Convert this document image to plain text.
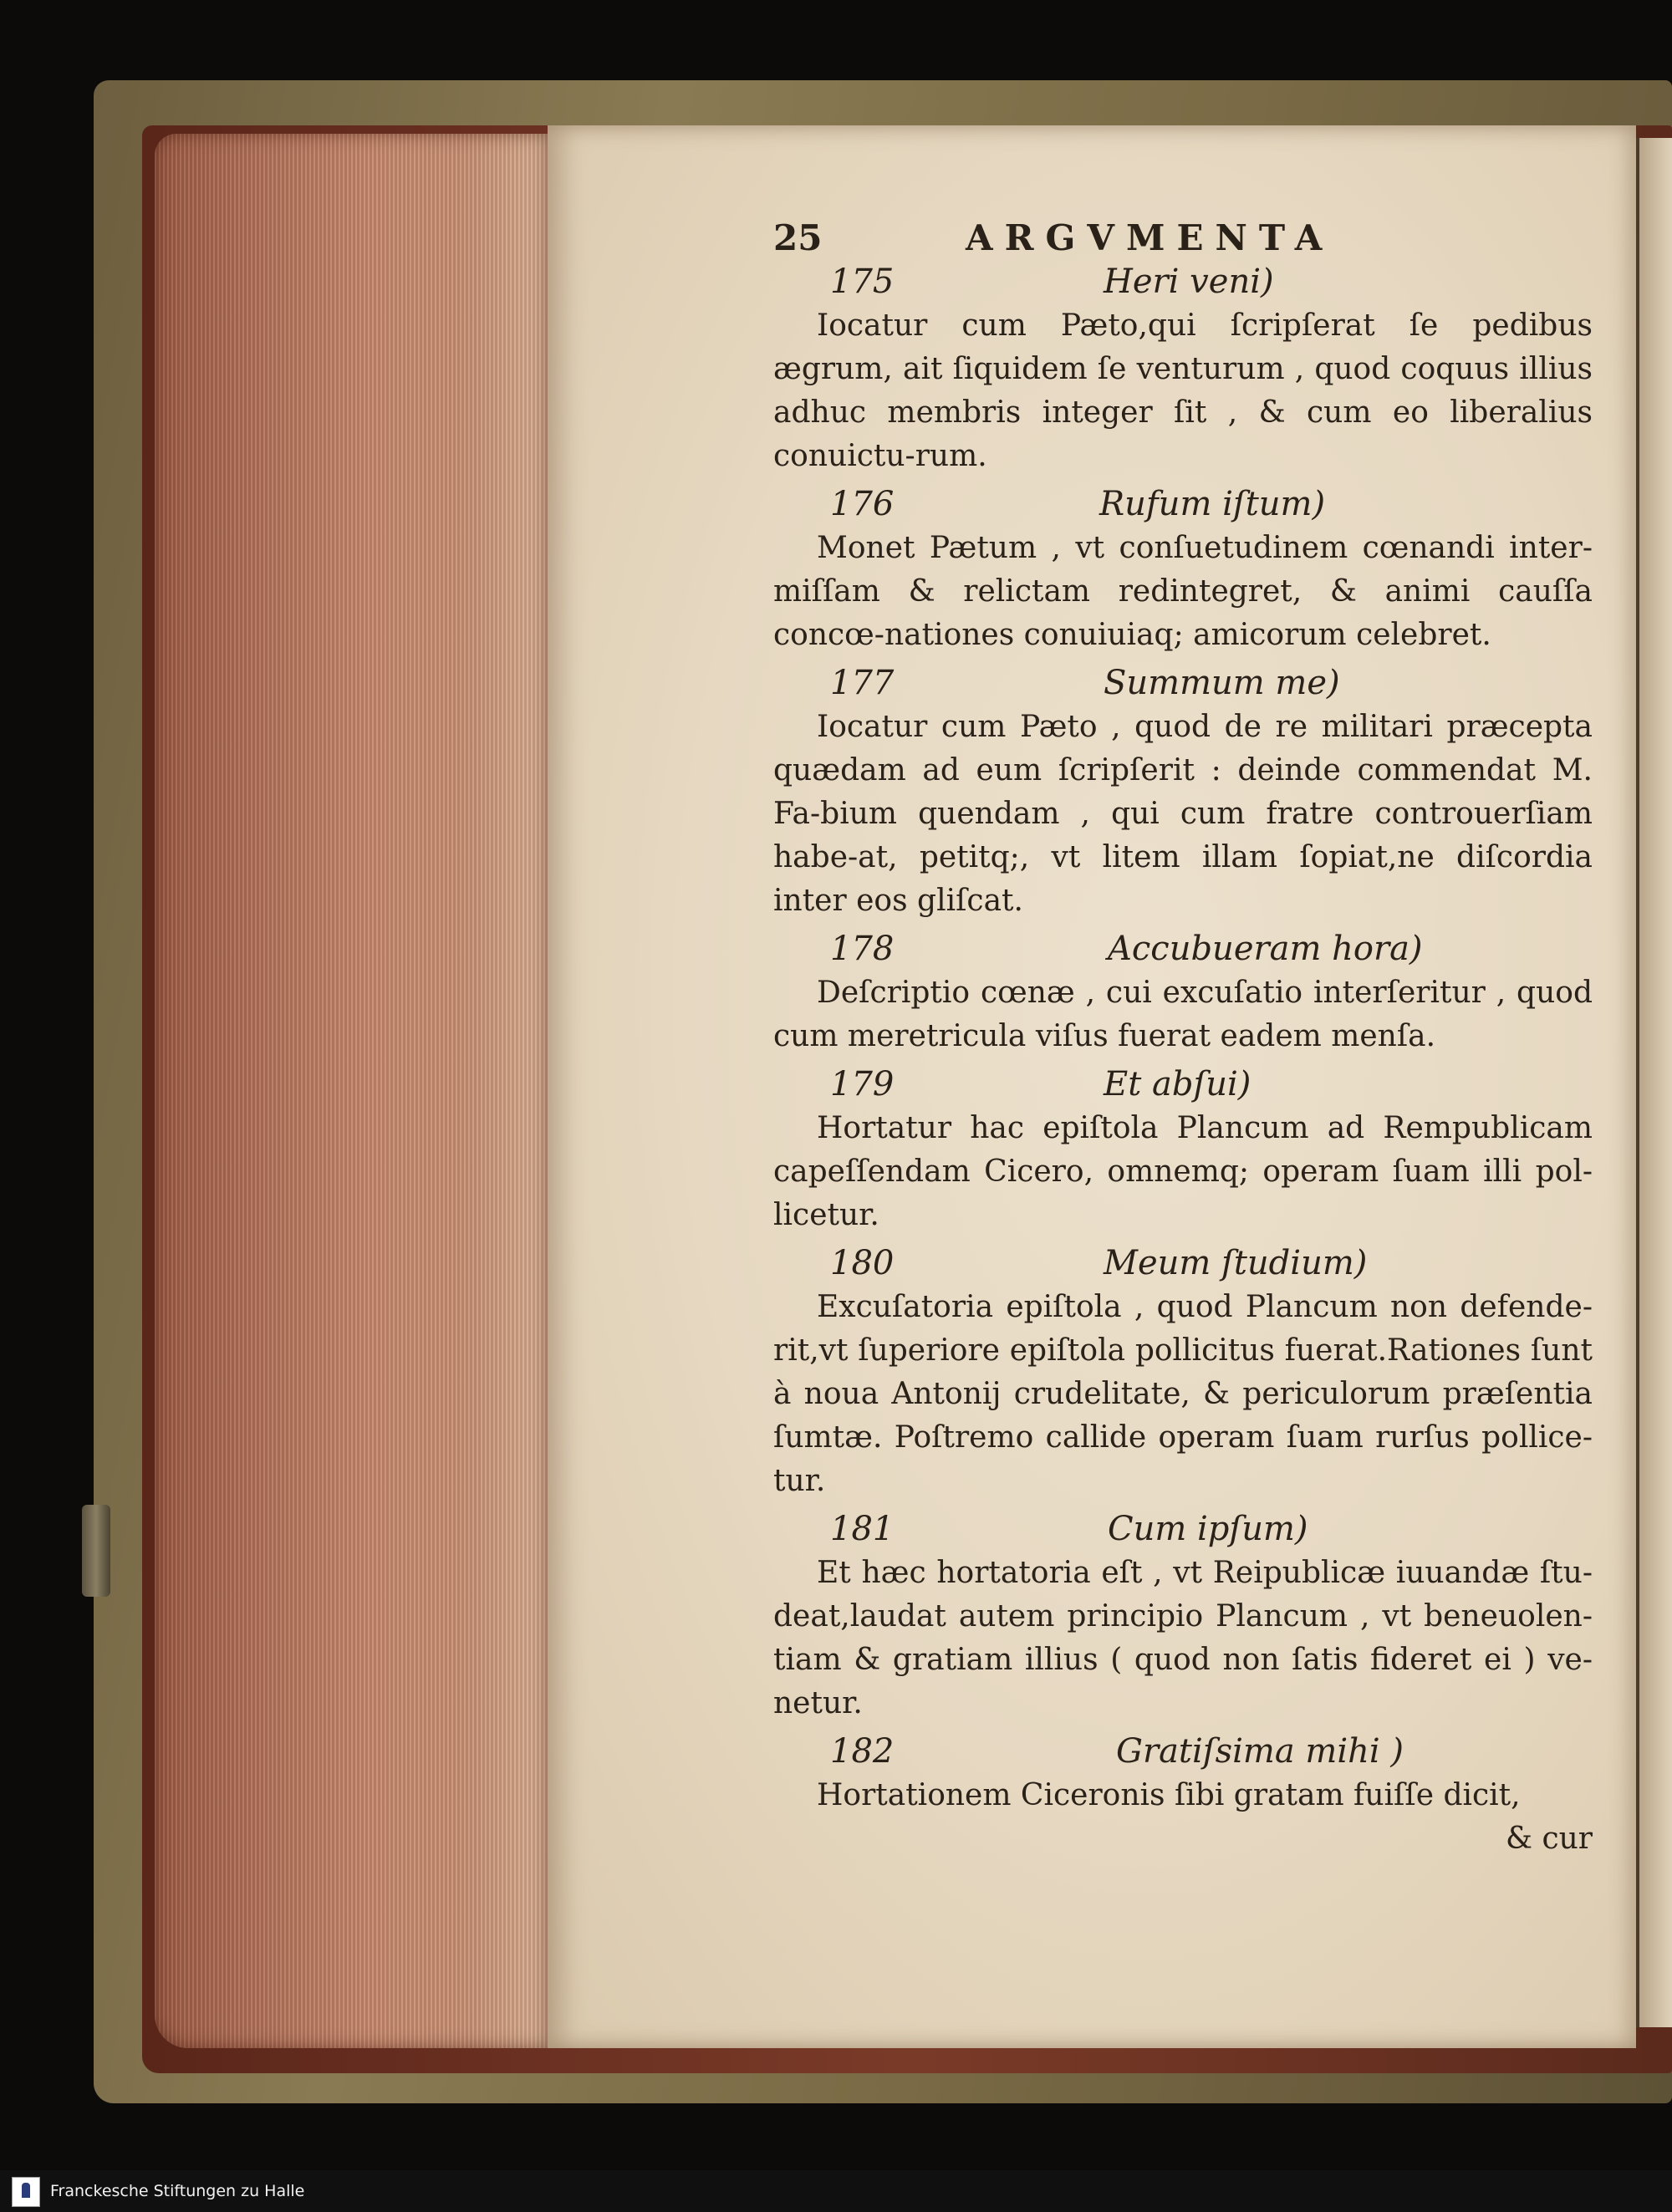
25	ARGVMENTA
175	Heri veni)

Iocatur cum Pæto,qui ſcripſerat ſe pedibus ægrum, ait ſiquidem ſe venturum , quod coquus illius adhuc membris integer ſit , & cum eo liberalius conuictu-rum.

176	Rufum iſtum)

Monet Pætum , vt conſuetudinem cœnandi inter-miſſam & relictam redintegret, & animi cauſſa concœ-nationes conuiuiaq; amicorum celebret.

177	Summum me)

Iocatur cum Pæto , quod de re militari præcepta quædam ad eum ſcripſerit : deinde commendat M. Fa-bium quendam , qui cum fratre controuerſiam habe-at, petitq;, vt litem illam ſopiat,ne diſcordia inter eos gliſcat.

178	Accubueram hora)

Deſcriptio cœnæ , cui excuſatio interſeritur , quod cum meretricula viſus fuerat eadem menſa.

179	Et abſui)

Hortatur hac epiſtola Plancum ad Rempublicam capeſſendam Cicero, omnemq; operam ſuam illi pol-licetur.

180	Meum ſtudium)

Excuſatoria epiſtola , quod Plancum non defende-rit,vt ſuperiore epiſtola pollicitus fuerat.Rationes ſunt à noua Antonij crudelitate, & periculorum præſentia ſumtæ. Poſtremo callide operam ſuam rurſus pollice-tur.

181	Cum ipſum)

Et hæc hortatoria eſt , vt Reipublicæ iuuandæ ſtu-deat,laudat autem principio Plancum , vt beneuolen-tiam & gratiam illius ( quod non ſatis fideret ei ) ve-netur.

182	Gratiſsima mihi )

Hortationem Ciceronis ſibi gratam fuiſſe dicit,

& cur
Franckesche Stiftungen zu Halle
